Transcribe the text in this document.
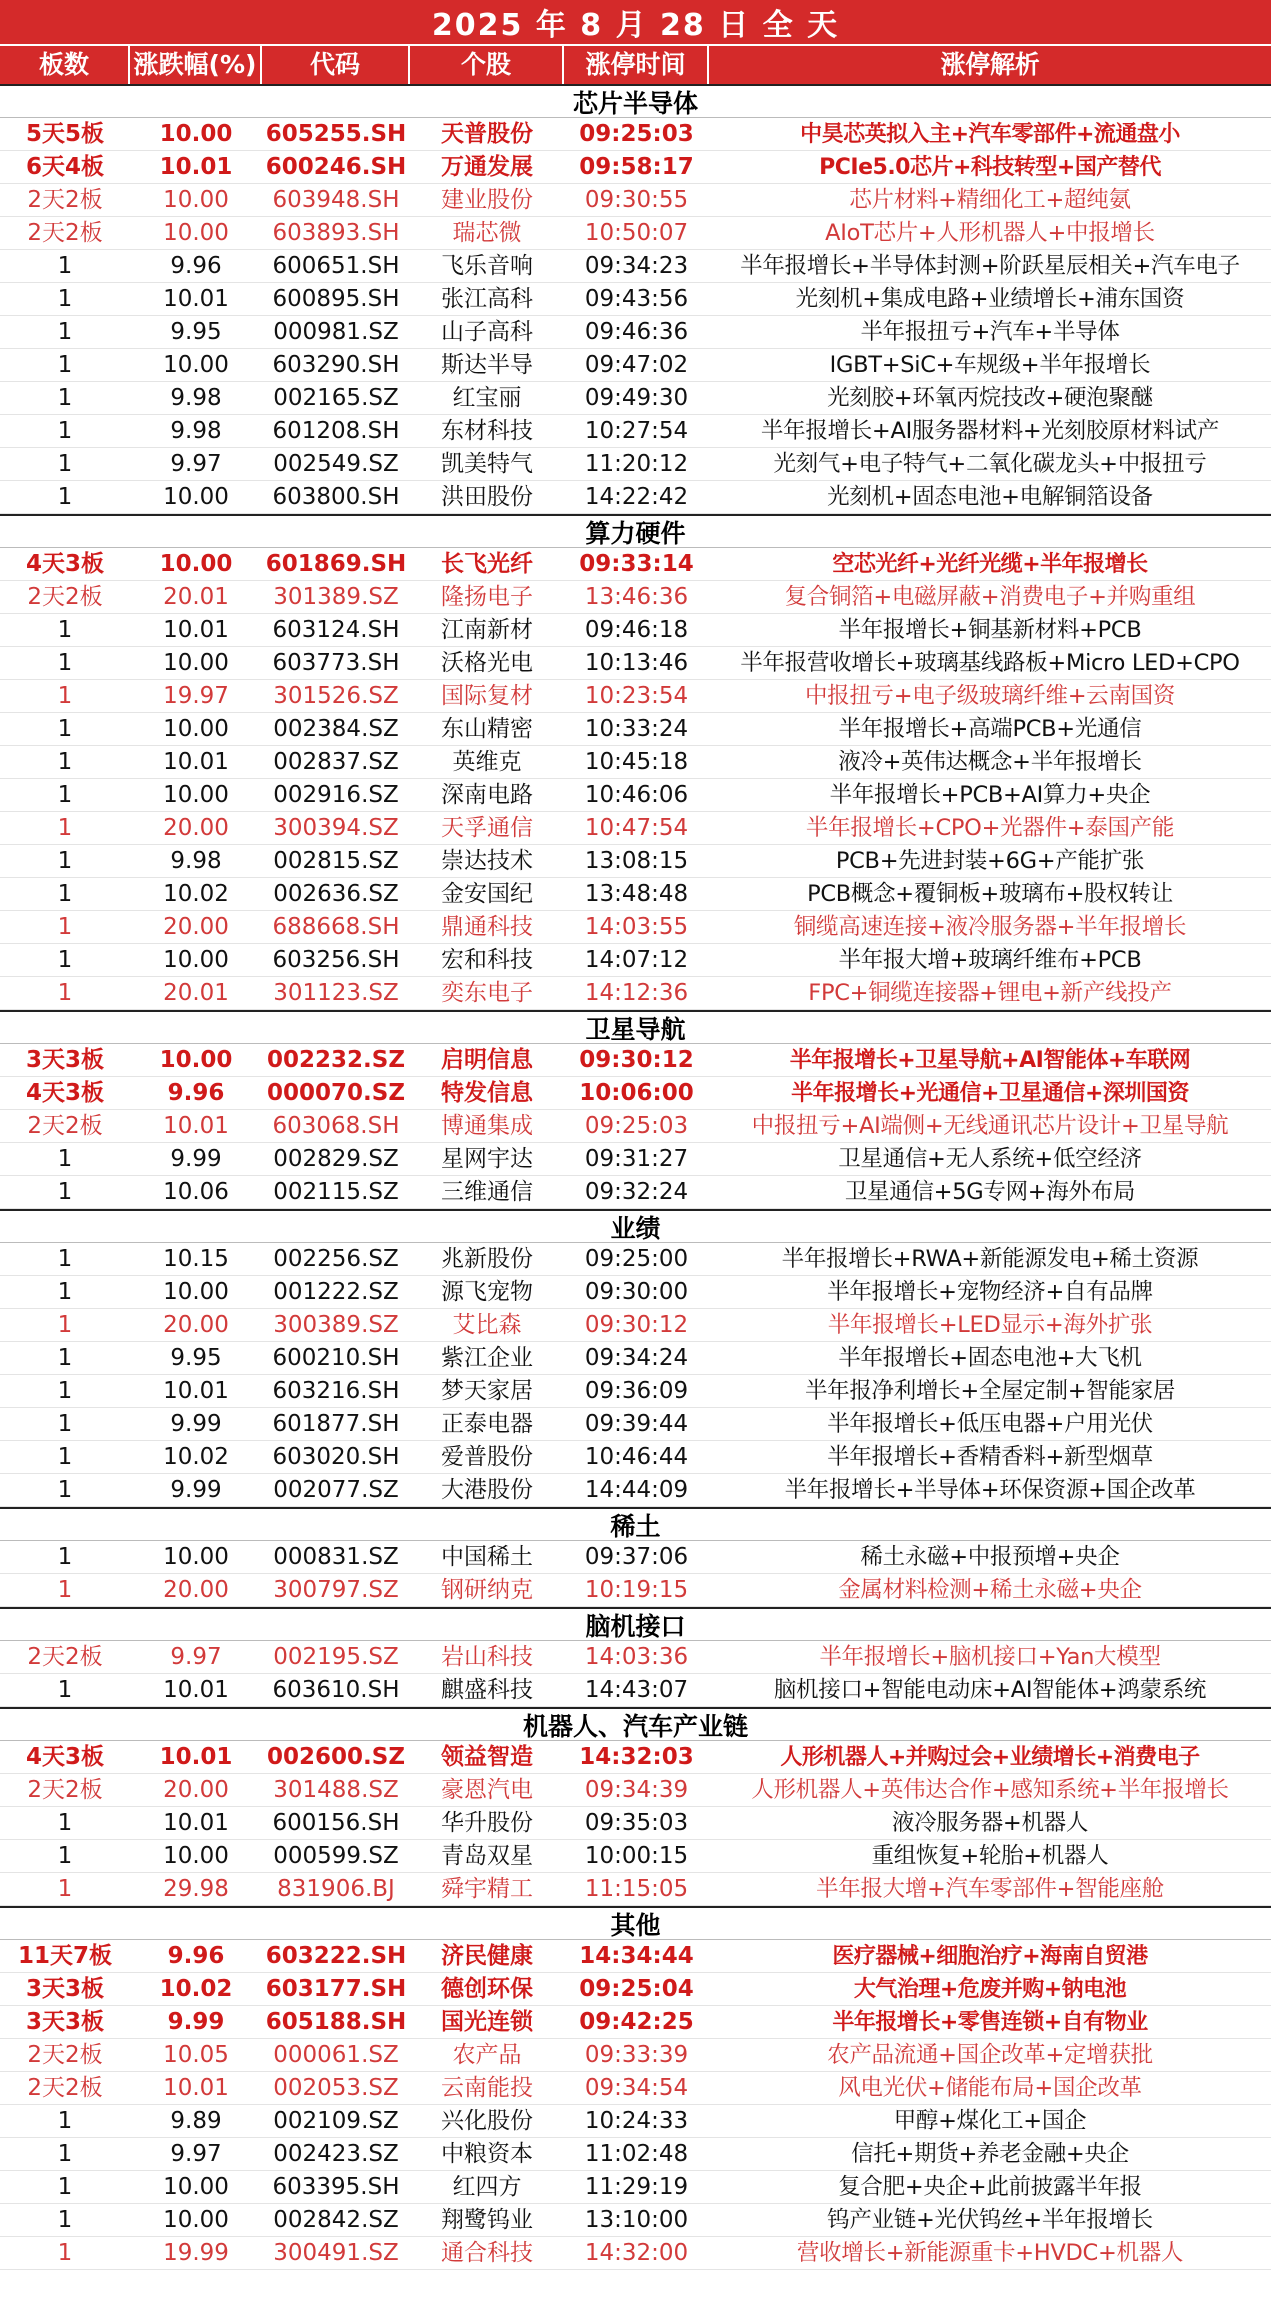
2025 年 8 月 28 日 全 天
板数	涨跌幅(%)	代码	个股	涨停时间	涨停解析
芯片半导体
5天5板	10.00	605255.SH	天普股份	09:25:03	中昊芯英拟入主+汽车零部件+流通盘小
6天4板	10.01	600246.SH	万通发展	09:58:17	PCIe5.0芯片+科技转型+国产替代
2天2板	10.00	603948.SH	建业股份	09:30:55	芯片材料+精细化工+超纯氨
2天2板	10.00	603893.SH	瑞芯微	10:50:07	AIoT芯片+人形机器人+中报增长
1	9.96	600651.SH	飞乐音响	09:34:23	半年报增长+半导体封测+阶跃星辰相关+汽车电子
1	10.01	600895.SH	张江高科	09:43:56	光刻机+集成电路+业绩增长+浦东国资
1	9.95	000981.SZ	山子高科	09:46:36	半年报扭亏+汽车+半导体
1	10.00	603290.SH	斯达半导	09:47:02	IGBT+SiC+车规级+半年报增长
1	9.98	002165.SZ	红宝丽	09:49:30	光刻胶+环氧丙烷技改+硬泡聚醚
1	9.98	601208.SH	东材科技	10:27:54	半年报增长+AI服务器材料+光刻胶原材料试产
1	9.97	002549.SZ	凯美特气	11:20:12	光刻气+电子特气+二氧化碳龙头+中报扭亏
1	10.00	603800.SH	洪田股份	14:22:42	光刻机+固态电池+电解铜箔设备
算力硬件
4天3板	10.00	601869.SH	长飞光纤	09:33:14	空芯光纤+光纤光缆+半年报增长
2天2板	20.01	301389.SZ	隆扬电子	13:46:36	复合铜箔+电磁屏蔽+消费电子+并购重组
1	10.01	603124.SH	江南新材	09:46:18	半年报增长+铜基新材料+PCB
1	10.00	603773.SH	沃格光电	10:13:46	半年报营收增长+玻璃基线路板+Micro LED+CPO
1	19.97	301526.SZ	国际复材	10:23:54	中报扭亏+电子级玻璃纤维+云南国资
1	10.00	002384.SZ	东山精密	10:33:24	半年报增长+高端PCB+光通信
1	10.01	002837.SZ	英维克	10:45:18	液冷+英伟达概念+半年报增长
1	10.00	002916.SZ	深南电路	10:46:06	半年报增长+PCB+AI算力+央企
1	20.00	300394.SZ	天孚通信	10:47:54	半年报增长+CPO+光器件+泰国产能
1	9.98	002815.SZ	崇达技术	13:08:15	PCB+先进封装+6G+产能扩张
1	10.02	002636.SZ	金安国纪	13:48:48	PCB概念+覆铜板+玻璃布+股权转让
1	20.00	688668.SH	鼎通科技	14:03:55	铜缆高速连接+液冷服务器+半年报增长
1	10.00	603256.SH	宏和科技	14:07:12	半年报大增+玻璃纤维布+PCB
1	20.01	301123.SZ	奕东电子	14:12:36	FPC+铜缆连接器+锂电+新产线投产
卫星导航
3天3板	10.00	002232.SZ	启明信息	09:30:12	半年报增长+卫星导航+AI智能体+车联网
4天3板	9.96	000070.SZ	特发信息	10:06:00	半年报增长+光通信+卫星通信+深圳国资
2天2板	10.01	603068.SH	博通集成	09:25:03	中报扭亏+AI端侧+无线通讯芯片设计+卫星导航
1	9.99	002829.SZ	星网宇达	09:31:27	卫星通信+无人系统+低空经济
1	10.06	002115.SZ	三维通信	09:32:24	卫星通信+5G专网+海外布局
业绩
1	10.15	002256.SZ	兆新股份	09:25:00	半年报增长+RWA+新能源发电+稀土资源
1	10.00	001222.SZ	源飞宠物	09:30:00	半年报增长+宠物经济+自有品牌
1	20.00	300389.SZ	艾比森	09:30:12	半年报增长+LED显示+海外扩张
1	9.95	600210.SH	紫江企业	09:34:24	半年报增长+固态电池+大飞机
1	10.01	603216.SH	梦天家居	09:36:09	半年报净利增长+全屋定制+智能家居
1	9.99	601877.SH	正泰电器	09:39:44	半年报增长+低压电器+户用光伏
1	10.02	603020.SH	爱普股份	10:46:44	半年报增长+香精香料+新型烟草
1	9.99	002077.SZ	大港股份	14:44:09	半年报增长+半导体+环保资源+国企改革
稀土
1	10.00	000831.SZ	中国稀土	09:37:06	稀土永磁+中报预增+央企
1	20.00	300797.SZ	钢研纳克	10:19:15	金属材料检测+稀土永磁+央企
脑机接口
2天2板	9.97	002195.SZ	岩山科技	14:03:36	半年报增长+脑机接口+Yan大模型
1	10.01	603610.SH	麒盛科技	14:43:07	脑机接口+智能电动床+AI智能体+鸿蒙系统
机器人、汽车产业链
4天3板	10.01	002600.SZ	领益智造	14:32:03	人形机器人+并购过会+业绩增长+消费电子
2天2板	20.00	301488.SZ	豪恩汽电	09:34:39	人形机器人+英伟达合作+感知系统+半年报增长
1	10.01	600156.SH	华升股份	09:35:03	液冷服务器+机器人
1	10.00	000599.SZ	青岛双星	10:00:15	重组恢复+轮胎+机器人
1	29.98	831906.BJ	舜宇精工	11:15:05	半年报大增+汽车零部件+智能座舱
其他
11天7板	9.96	603222.SH	济民健康	14:34:44	医疗器械+细胞治疗+海南自贸港
3天3板	10.02	603177.SH	德创环保	09:25:04	大气治理+危废并购+钠电池
3天3板	9.99	605188.SH	国光连锁	09:42:25	半年报增长+零售连锁+自有物业
2天2板	10.05	000061.SZ	农产品	09:33:39	农产品流通+国企改革+定增获批
2天2板	10.01	002053.SZ	云南能投	09:34:54	风电光伏+储能布局+国企改革
1	9.89	002109.SZ	兴化股份	10:24:33	甲醇+煤化工+国企
1	9.97	002423.SZ	中粮资本	11:02:48	信托+期货+养老金融+央企
1	10.00	603395.SH	红四方	11:29:19	复合肥+央企+此前披露半年报
1	10.00	002842.SZ	翔鹭钨业	13:10:00	钨产业链+光伏钨丝+半年报增长
1	19.99	300491.SZ	通合科技	14:32:00	营收增长+新能源重卡+HVDC+机器人
